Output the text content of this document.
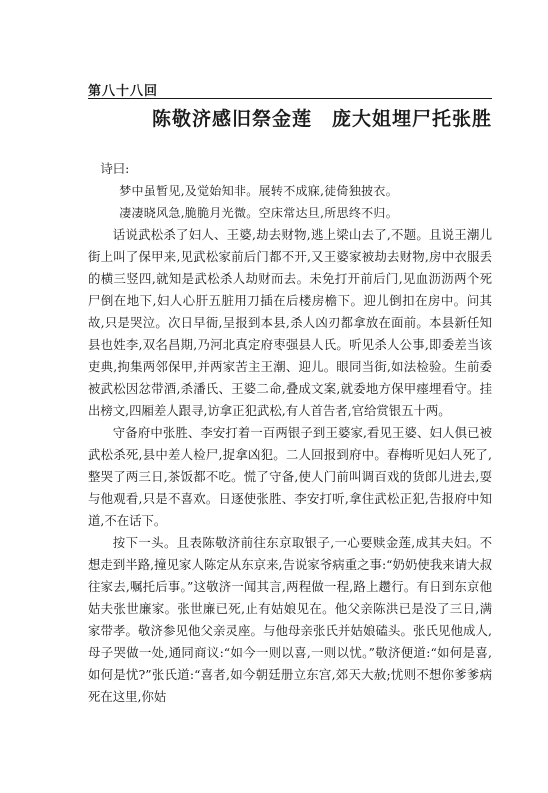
第八十八回
陈敬济感旧祭金莲 庞大姐埋尸托张胜

诗曰:

梦中虽暂见,及觉始知非。展转不成寐,徒倚独披衣。

凄凄晓风急,脆脆月光微。空床常达旦,所思终不归。

话说武松杀了妇人、王婆,劫去财物,逃上梁山去了,不题。且说王潮儿街上叫了保甲来,见武松家前后门都不开,又王婆家被劫去财物,房中衣服丢的横三竖四,就知是武松杀人劫财而去。未免打开前后门,见血沥沥两个死尸倒在地下,妇人心肝五脏用刀插在后楼房檐下。迎儿倒扣在房中。问其故,只是哭泣。次日早衙,呈报到本县,杀人凶刃都拿放在面前。本县新任知县也姓李,双名昌期,乃河北真定府枣强县人氏。听见杀人公事,即委差当该吏典,拘集两邻保甲,并两家苦主王潮、迎儿。眼同当街,如法检验。生前委被武松因忿带酒,杀潘氏、王婆二命,叠成文案,就委地方保甲瘗埋看守。挂出榜文,四厢差人跟寻,访拿正犯武松,有人首告者,官给赏银五十两。

守备府中张胜、李安打着一百两银子到王婆家,看见王婆、妇人俱已被武松杀死,县中差人检尸,捉拿凶犯。二人回报到府中。春梅听见妇人死了,整哭了两三日,茶饭都不吃。慌了守备,使人门前叫调百戏的货郎儿进去,耍与他观看,只是不喜欢。日逐使张胜、李安打听,拿住武松正犯,告报府中知道,不在话下。

按下一头。且表陈敬济前往东京取银子,一心要赎金莲,成其夫妇。不想走到半路,撞见家人陈定从东京来,告说家爷病重之事:“奶奶使我来请大叔往家去,嘱托后事。”这敬济一闻其言,两程做一程,路上趱行。有日到东京他姑夫张世廉家。张世廉已死,止有姑娘见在。他父亲陈洪已是没了三日,满家带孝。敬济参见他父亲灵座。与他母亲张氏并姑娘磕头。张氏见他成人,母子哭做一处,通同商议:“如今一则以喜,一则以忧。”敬济便道:“如何是喜,如何是忧?”张氏道:“喜者,如今朝廷册立东宫,郊天大赦;忧则不想你爹爹病死在这里,你姑
